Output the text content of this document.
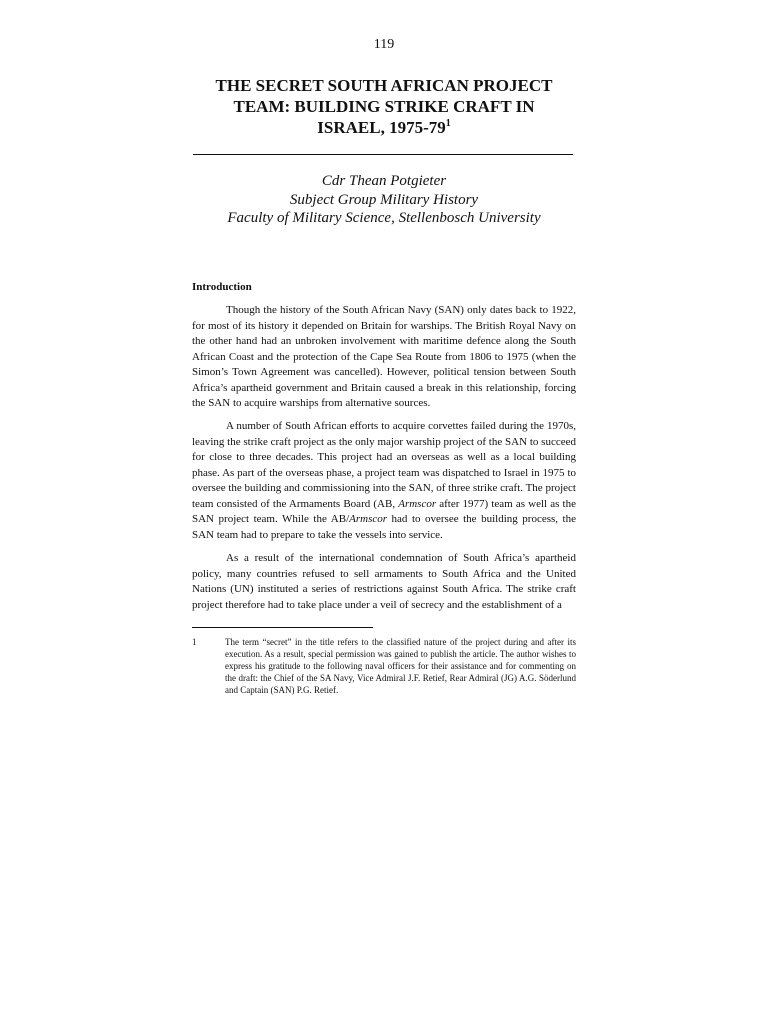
119
THE SECRET SOUTH AFRICAN PROJECT
TEAM: BUILDING STRIKE CRAFT IN
ISRAEL, $1975-79^1$
Cdr Thean Potgieter
Subject Group Military History
Faculty of Military Science, Stellenbosch University
Introduction

Though the history of the South African Navy (SAN) only dates back to 1922, for most of its history it depended on Britain for warships. The British Royal Navy on the other hand had an unbroken involvement with maritime defence along the South African Coast and the protection of the Cape Sea Route from 1806 to 1975 (when the Simon’s Town Agreement was cancelled). However, political tension between South Africa’s apartheid government and Britain caused a break in this relationship, forcing the SAN to acquire warships from alternative sources.

A number of South African efforts to acquire corvettes failed during the 1970s, leaving the strike craft project as the only major warship project of the SAN to succeed for close to three decades. This project had an overseas as well as a local building phase. As part of the overseas phase, a project team was dispatched to Israel in 1975 to oversee the building and commissioning into the SAN, of three strike craft. The project team consisted of the Armaments Board (AB, Armscor after 1977) team as well as the SAN project team. While the AB/Armscor had to oversee the building process, the SAN team had to prepare to take the vessels into service.

As a result of the international condemnation of South Africa’s apartheid policy, many countries refused to sell armaments to South Africa and the United Nations (UN) instituted a series of restrictions against South Africa. The strike craft project therefore had to take place under a veil of secrecy and the establishment of a

1	The term “secret” in the title refers to the classified nature of the project during and after its execution. As a result, special permission was gained to publish the article. The author wishes to express his gratitude to the following naval officers for their assistance and for commenting on the draft: the Chief of the SA Navy, Vice Admiral J.F. Retief, Rear Admiral (JG) A.G. Söderlund and Captain (SAN) P.G. Retief.
